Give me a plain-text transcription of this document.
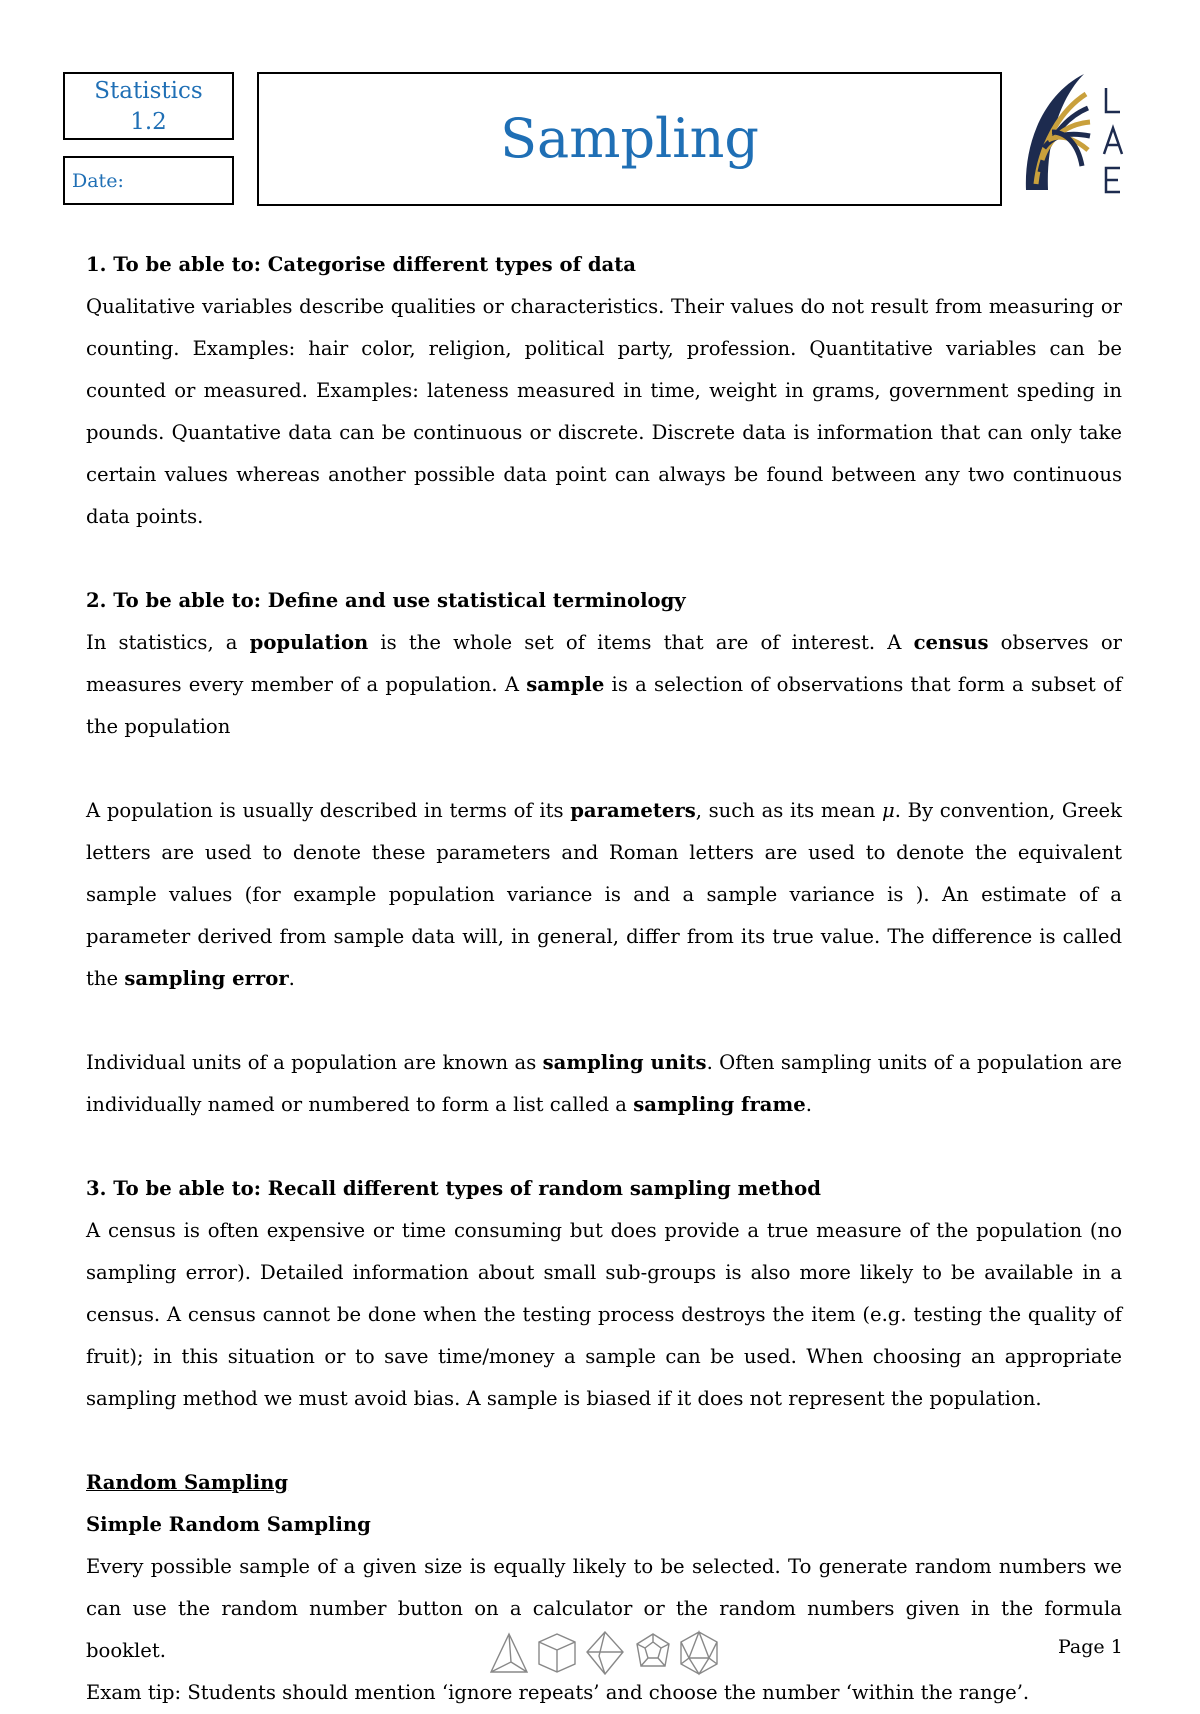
Statistics
1.2
Date:
Sampling

1. To be able to: Categorise different types of data

Qualitative variables describe qualities or characteristics. Their values do not result from measuring or counting. Examples: hair color, religion, political party, profession. Quantitative variables can be counted or measured. Examples: lateness measured in time, weight in grams, government speding in pounds. Quantative data can be continuous or discrete. Discrete data is information that can only take certain values whereas another possible data point can always be found between any two continuous data points.

2. To be able to: Define and use statistical terminology

In statistics, a population is the whole set of items that are of interest. A census observes or measures every member of a population. A sample is a selection of observations that form a subset of the population

A population is usually described in terms of its parameters, such as its mean μ. By convention, Greek letters are used to denote these parameters and Roman letters are used to denote the equivalent sample values (for example population variance is and a sample variance is ). An estimate of a parameter derived from sample data will, in general, differ from its true value. The difference is called the sampling error.

Individual units of a population are known as sampling units. Often sampling units of a population are individually named or numbered to form a list called a sampling frame.

3. To be able to: Recall different types of random sampling method

A census is often expensive or time consuming but does provide a true measure of the population (no sampling error). Detailed information about small sub-groups is also more likely to be available in a census. A census cannot be done when the testing process destroys the item (e.g. testing the quality of fruit); in this situation or to save time/money a sample can be used. When choosing an appropriate sampling method we must avoid bias. A sample is biased if it does not represent the population.

Random Sampling

Simple Random Sampling

Every possible sample of a given size is equally likely to be selected. To generate random numbers we can use the random number button on a calculator or the random numbers given in the formula booklet.

Exam tip: Students should mention ‘ignore repeats’ and choose the number ‘within the range’.

Page 1
